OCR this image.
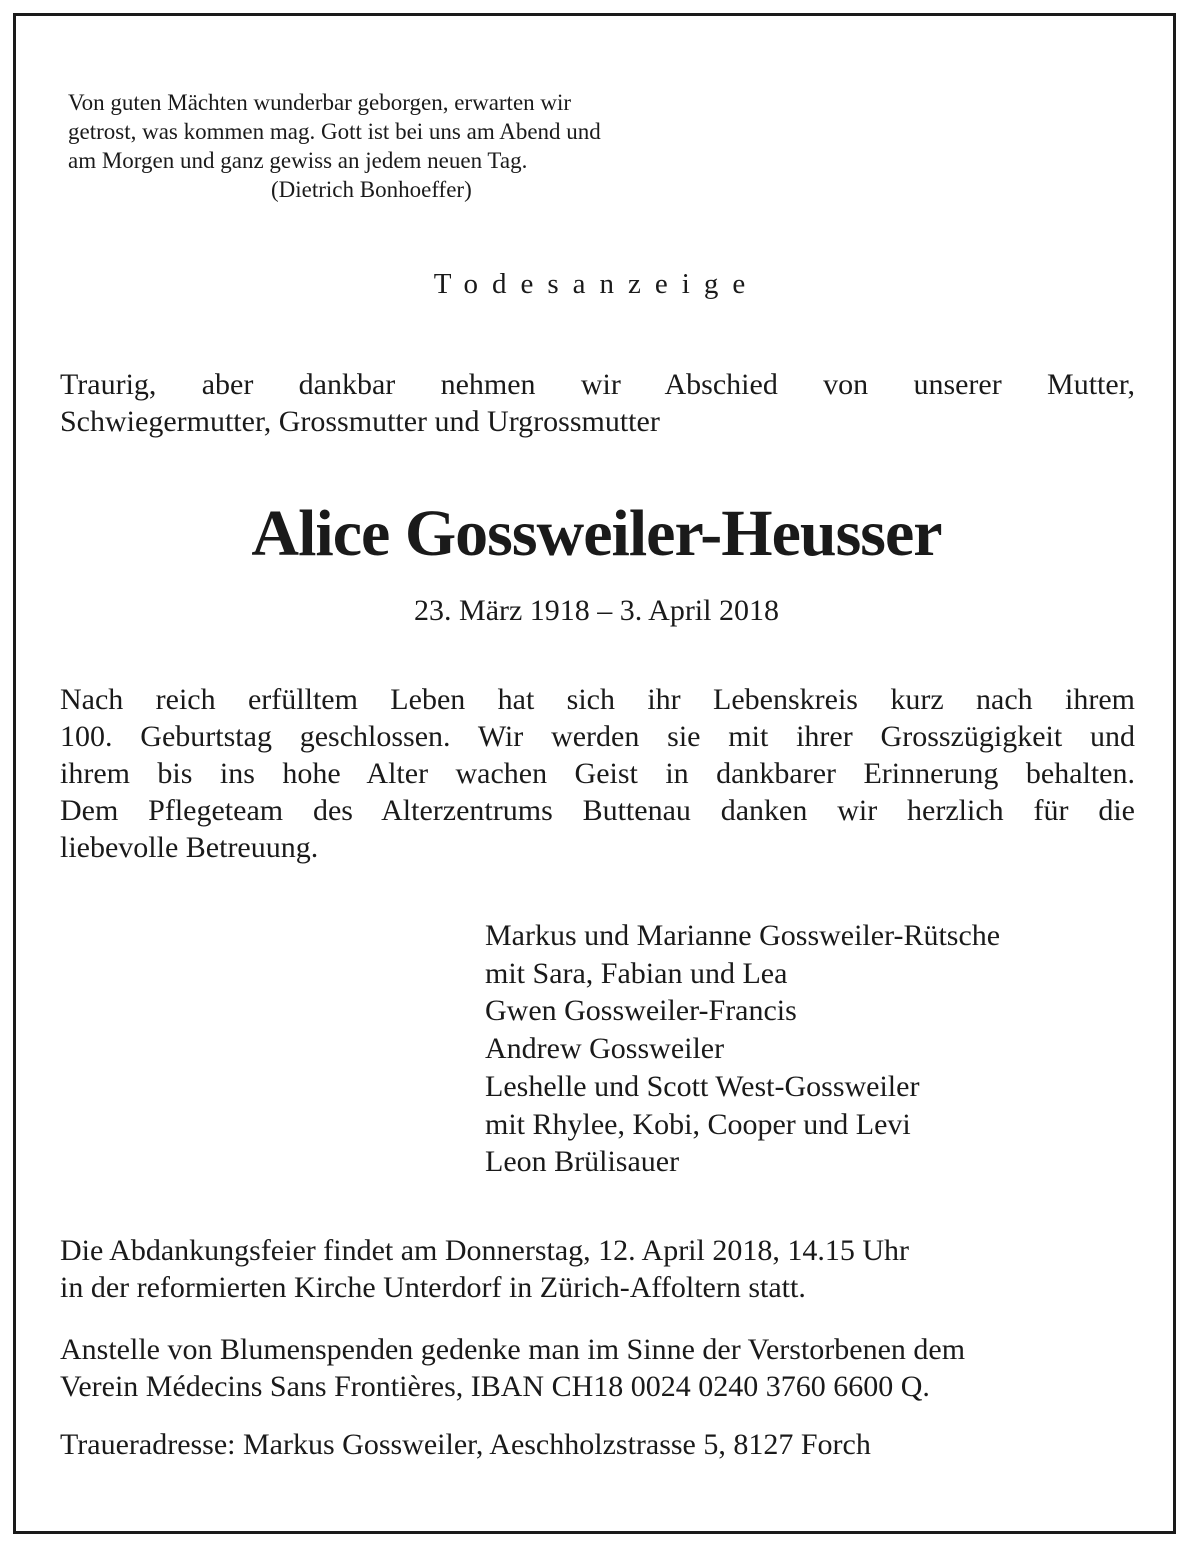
Von guten Mächten wunderbar geborgen, erwarten wir
getrost, was kommen mag. Gott ist bei uns am Abend und
am Morgen und ganz gewiss an jedem neuen Tag.
(Dietrich Bonhoeffer)
Todesanzeige
Traurig, aber dankbar nehmen wir Abschied von unserer Mutter,
Schwiegermutter, Grossmutter und Urgrossmutter
Alice Gossweiler-Heusser
23. März 1918 – 3. April 2018
Nach reich erfülltem Leben hat sich ihr Lebenskreis kurz nach ihrem
100. Geburtstag geschlossen. Wir werden sie mit ihrer Grosszügigkeit und
ihrem bis ins hohe Alter wachen Geist in dankbarer Erinnerung behalten.
Dem Pflegeteam des Alterzentrums Buttenau danken wir herzlich für die
liebevolle Betreuung.
Markus und Marianne Gossweiler-Rütsche
mit Sara, Fabian und Lea
Gwen Gossweiler-Francis
Andrew Gossweiler
Leshelle und Scott West-Gossweiler
mit Rhylee, Kobi, Cooper und Levi
Leon Brülisauer
Die Abdankungsfeier findet am Donnerstag, 12. April 2018, 14.15 Uhr
in der reformierten Kirche Unterdorf in Zürich-Affoltern statt.
Anstelle von Blumenspenden gedenke man im Sinne der Verstorbenen dem
Verein Médecins Sans Frontières, IBAN CH18 0024 0240 3760 6600 Q.
Traueradresse: Markus Gossweiler, Aeschholzstrasse 5, 8127 Forch
